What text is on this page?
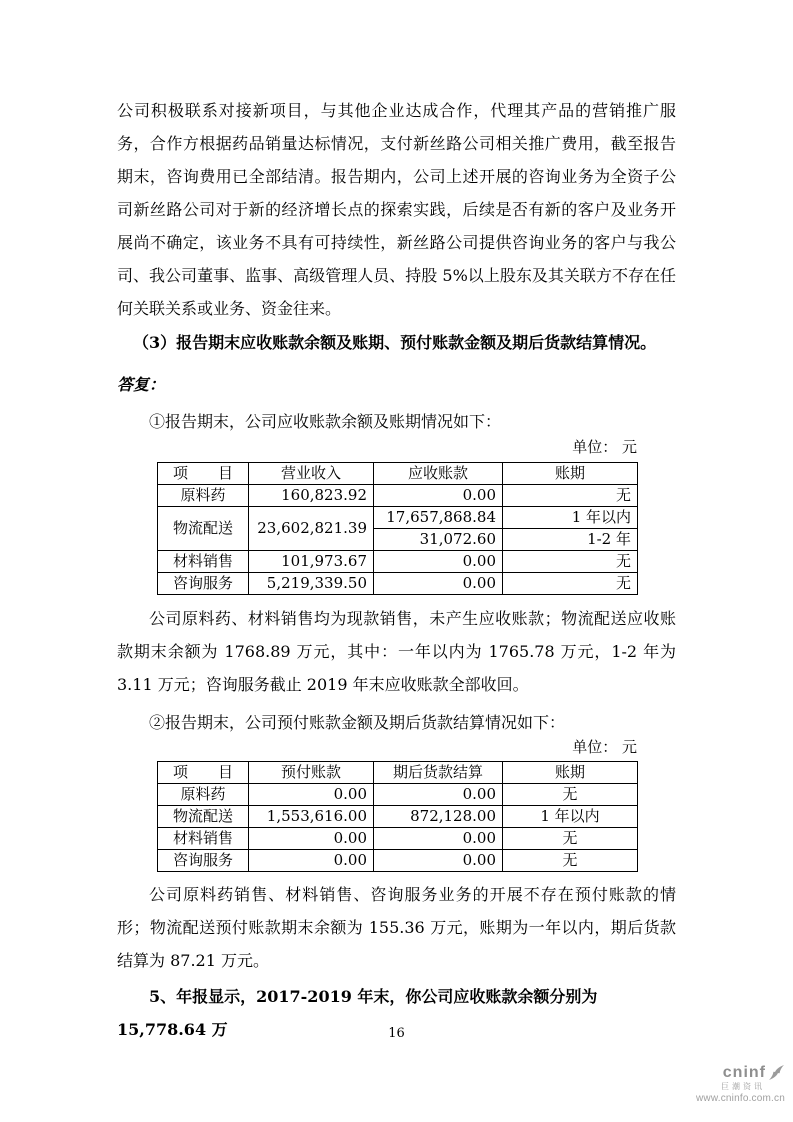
公司积极联系对接新项目，与其他企业达成合作，代理其产品的营销推广服务，合作方根据药品销量达标情况，支付新丝路公司相关推广费用，截至报告期末，咨询费用已全部结清。报告期内，公司上述开展的咨询业务为全资子公司新丝路公司对于新的经济增长点的探索实践，后续是否有新的客户及业务开展尚不确定，该业务不具有可持续性，新丝路公司提供咨询业务的客户与我公司、我公司董事、监事、高级管理人员、持股 5%以上股东及其关联方不存在任何关联关系或业务、资金往来。

（3）报告期末应收账款余额及账期、预付账款金额及期后货款结算情况。
答复：
①报告期末，公司应收账款余额及账期情况如下：
单位： 元
项　　目	营业收入	应收账款	账期
原料药	160,823.92	0.00	无
物流配送	23,602,821.39	17,657,868.84	1 年以内
		31,072.60	1-2 年
材料销售	101,973.67	0.00	无
咨询服务	5,219,339.50	0.00	无

公司原料药、材料销售均为现款销售，未产生应收账款；物流配送应收账款期末余额为 1768.89 万元，其中：一年以内为 1765.78 万元，1-2 年为 3.11 万元；咨询服务截止 2019 年末应收账款全部收回。

②报告期末，公司预付账款金额及期后货款结算情况如下：
单位： 元
项　　目	预付账款	期后货款结算	账期
原料药	0.00	0.00	无
物流配送	1,553,616.00	872,128.00	1 年以内
材料销售	0.00	0.00	无
咨询服务	0.00	0.00	无

公司原料药销售、材料销售、咨询服务业务的开展不存在预付账款的情形；物流配送预付账款期末余额为 155.36 万元，账期为一年以内，期后货款结算为 87.21 万元。

5、年报显示，2017-2019 年末，你公司应收账款余额分别为 15,778.64 万	16
cninf
巨潮资讯
www.cninfo.com.cn
